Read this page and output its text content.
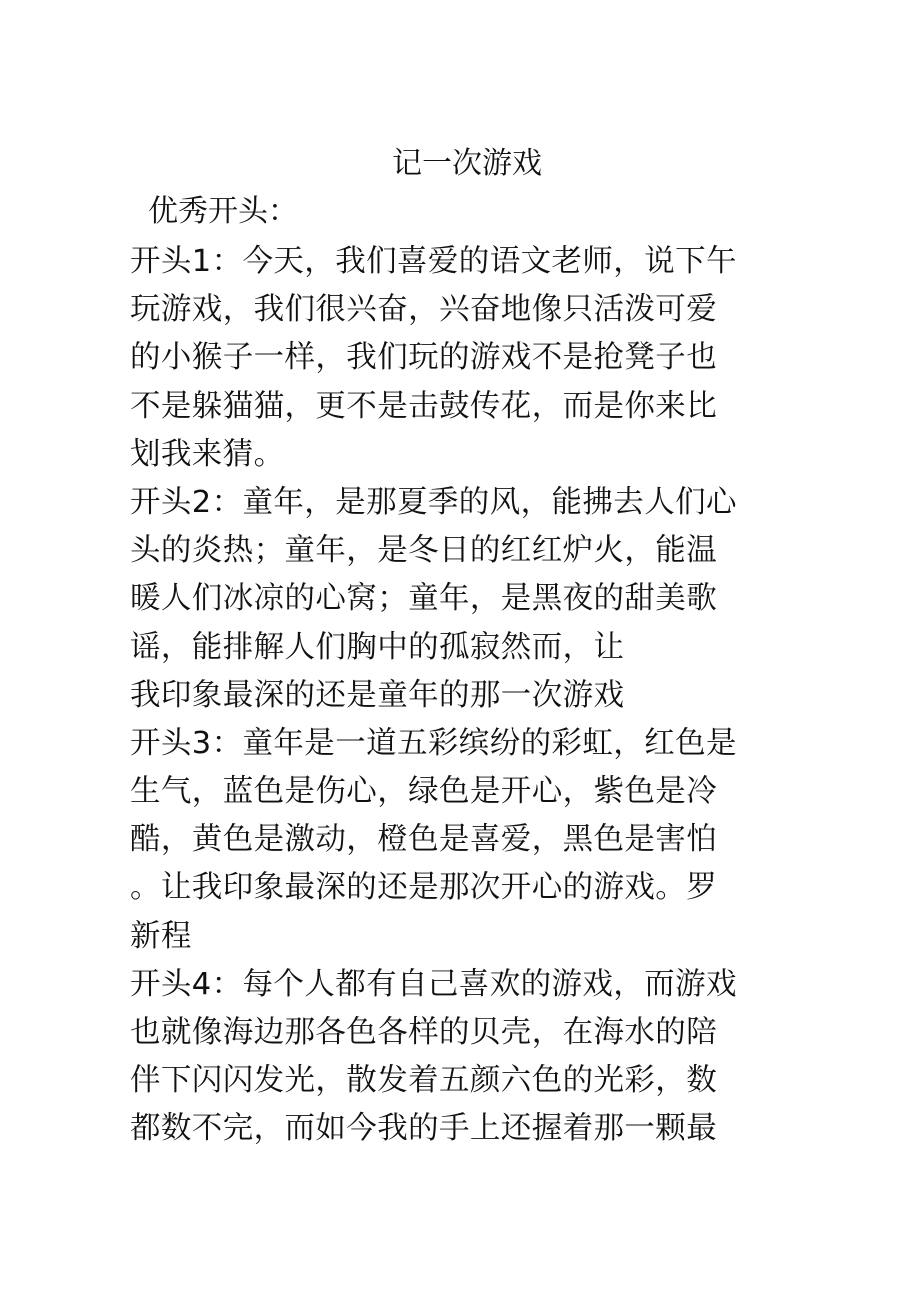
记一次游戏
优秀开头：
开头1：今天，我们喜爱的语文老师，说下午
玩游戏，我们很兴奋，兴奋地像只活泼可爱
的小猴子一样，我们玩的游戏不是抢凳子也
不是躲猫猫，更不是击鼓传花，而是你来比
划我来猜。
开头2：童年，是那夏季的风，能拂去人们心
头的炎热；童年，是冬日的红红炉火，能温
暖人们冰凉的心窝；童年，是黑夜的甜美歌
谣，能排解人们胸中的孤寂然而，让
我印象最深的还是童年的那一次游戏
开头3：童年是一道五彩缤纷的彩虹，红色是
生气，蓝色是伤心，绿色是开心，紫色是冷
酷，黄色是激动，橙色是喜爱，黑色是害怕
。让我印象最深的还是那次开心的游戏。罗
新程
开头4：每个人都有自己喜欢的游戏，而游戏
也就像海边那各色各样的贝壳，在海水的陪
伴下闪闪发光，散发着五颜六色的光彩，数
都数不完，而如今我的手上还握着那一颗最
